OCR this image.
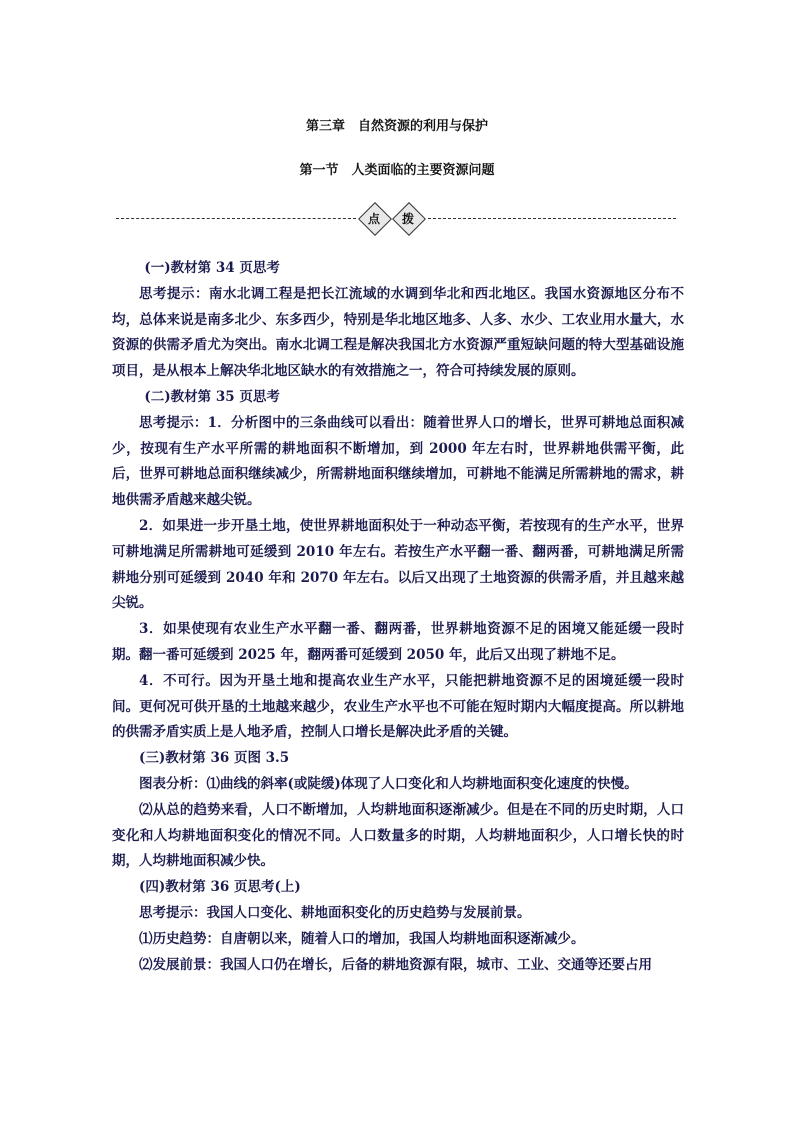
第三章　自然资源的利用与保护
第一节　人类面临的主要资源问题
点	拨

(一)教材第 34 页思考

思考提示：南水北调工程是把长江流域的水调到华北和西北地区。我国水资源地区分布不均，总体来说是南多北少、东多西少，特别是华北地区地多、人多、水少、工农业用水量大，水资源的供需矛盾尤为突出。南水北调工程是解决我国北方水资源严重短缺问题的特大型基础设施项目，是从根本上解决华北地区缺水的有效措施之一，符合可持续发展的原则。

(二)教材第 35 页思考

思考提示：1．分析图中的三条曲线可以看出：随着世界人口的增长，世界可耕地总面积减少，按现有生产水平所需的耕地面积不断增加，到 2000 年左右时，世界耕地供需平衡，此后，世界可耕地总面积继续减少，所需耕地面积继续增加，可耕地不能满足所需耕地的需求，耕地供需矛盾越来越尖锐。

2．如果进一步开垦土地，使世界耕地面积处于一种动态平衡，若按现有的生产水平，世界可耕地满足所需耕地可延缓到 2010 年左右。若按生产水平翻一番、翻两番，可耕地满足所需耕地分别可延缓到 2040 年和 2070 年左右。以后又出现了土地资源的供需矛盾，并且越来越尖锐。

3．如果使现有农业生产水平翻一番、翻两番，世界耕地资源不足的困境又能延缓一段时期。翻一番可延缓到 2025 年，翻两番可延缓到 2050 年，此后又出现了耕地不足。

4．不可行。因为开垦土地和提高农业生产水平，只能把耕地资源不足的困境延缓一段时间。更何况可供开垦的土地越来越少，农业生产水平也不可能在短时期内大幅度提高。所以耕地的供需矛盾实质上是人地矛盾，控制人口增长是解决此矛盾的关键。

(三)教材第 36 页图 3.5

图表分析：⑴曲线的斜率(或陡缓)体现了人口变化和人均耕地面积变化速度的快慢。

⑵从总的趋势来看，人口不断增加，人均耕地面积逐渐减少。但是在不同的历史时期，人口变化和人均耕地面积变化的情况不同。人口数量多的时期，人均耕地面积少，人口增长快的时期，人均耕地面积减少快。

(四)教材第 36 页思考(上)

思考提示：我国人口变化、耕地面积变化的历史趋势与发展前景。

⑴历史趋势：自唐朝以来，随着人口的增加，我国人均耕地面积逐渐减少。

⑵发展前景：我国人口仍在增长，后备的耕地资源有限，城市、工业、交通等还要占用
